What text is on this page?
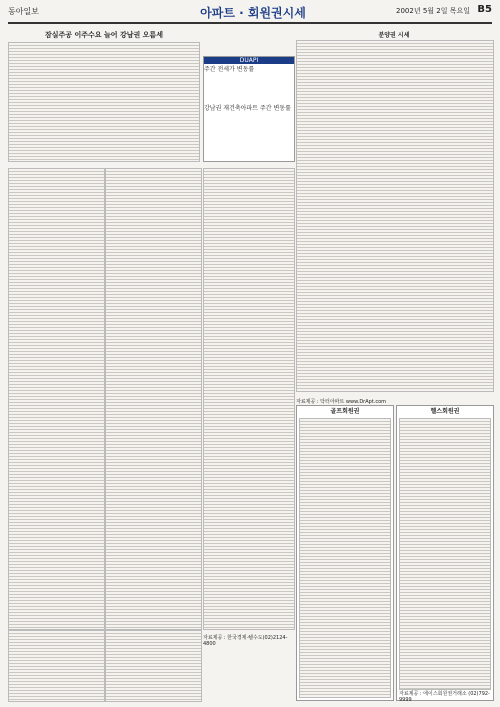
동아일보	아파트 · 회원권시세	2002년 5월 2일 목요일 B5
잠실주공 이주수요 늘어 강남권 오름세
DUAPI
주간 전세가 변동률
강남권 재건축아파트 주간 변동률
자료제공 : 한국경제·쉘수도(02)2124-4800
분양권 시세
자료제공 : 닥터아파트 www.DrApt.com
골프회원권	헬스회원권
자료제공 : 에이스회원권거래소 (02)792-9999
